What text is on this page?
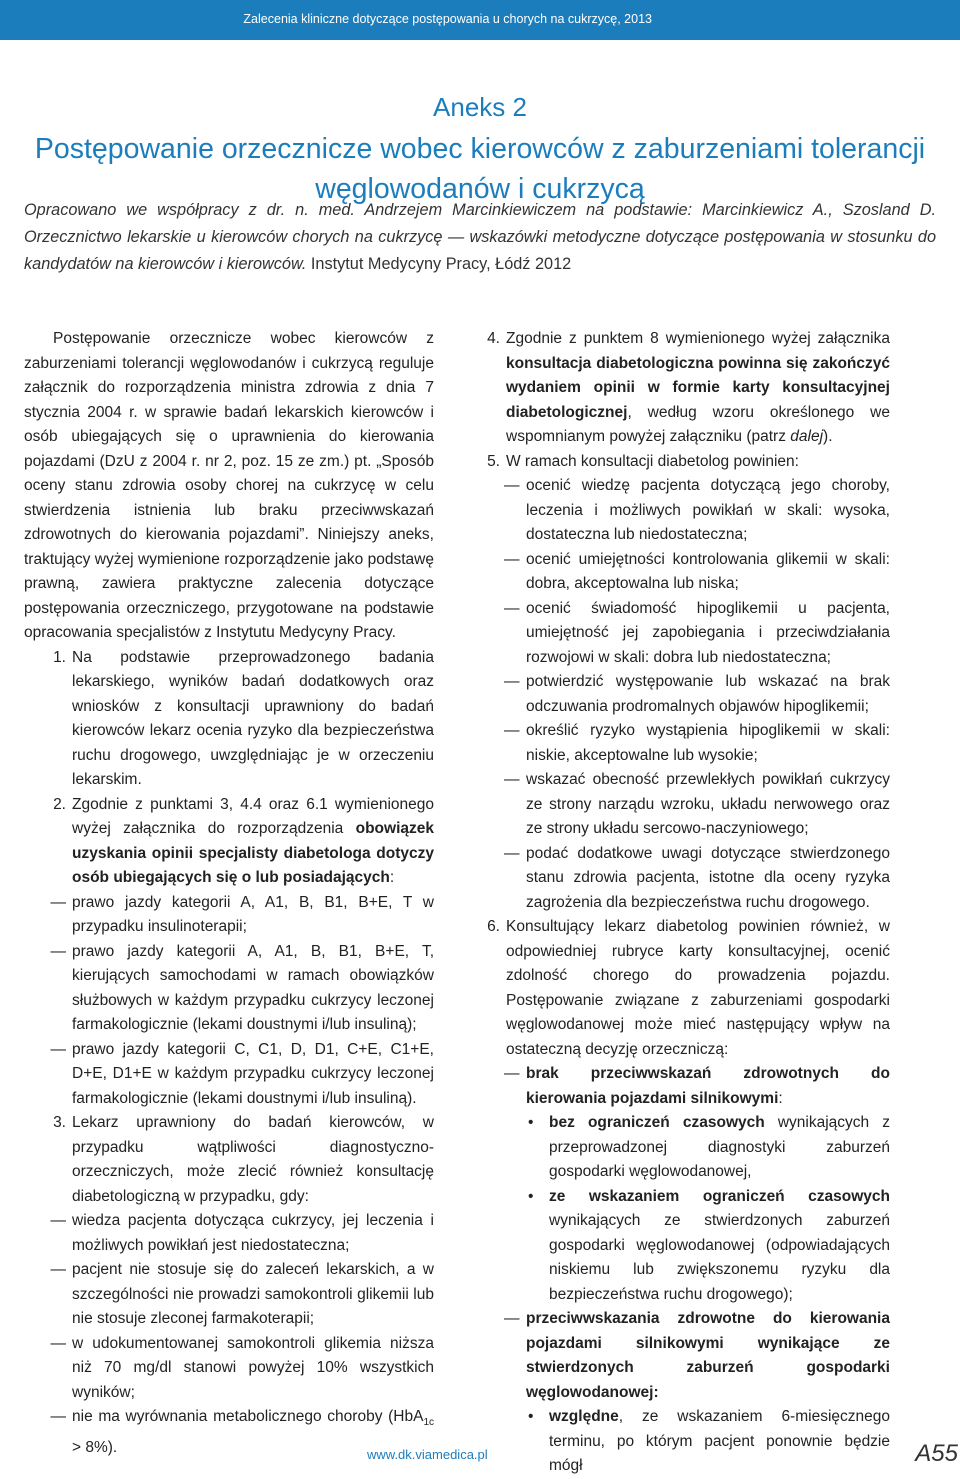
Zalecenia kliniczne dotyczące postępowania u chorych na cukrzycę, 2013
Aneks 2
Postępowanie orzecznicze wobec kierowców z zaburzeniami tolerancji węglowodanów i cukrzycą
Opracowano we współpracy z dr. n. med. Andrzejem Marcinkiewiczem na podstawie: Marcinkiewicz A., Szosland D. Orzecznictwo lekarskie u kierowców chorych na cukrzycę — wskazówki metodyczne dotyczące postępowania w stosunku do kandydatów na kierowców i kierowców. Instytut Medycyny Pracy, Łódź 2012

Postępowanie orzecznicze wobec kierowców z zaburzeniami tolerancji węglowodanów i cukrzycą reguluje załącznik do rozporządzenia ministra zdrowia z dnia 7 stycznia 2004 r. w sprawie badań lekarskich kierowców i osób ubiegających się o uprawnienia do kierowania pojazdami (DzU z 2004 r. nr 2, poz. 15 ze zm.) pt. „Sposób oceny stanu zdrowia osoby chorej na cukrzycę w celu stwierdzenia istnienia lub braku przeciwwskazań zdrowotnych do kierowania pojazdami”. Niniejszy aneks, traktujący wyżej wymienione rozporządzenie jako podstawę prawną, zawiera praktyczne zalecenia dotyczące postępowania orzeczniczego, przygotowane na podstawie opracowania specjalistów z Instytutu Medycyny Pracy.

1. Na podstawie przeprowadzonego badania lekarskiego, wyników badań dodatkowych oraz wniosków z konsultacji uprawniony do badań kierowców lekarz ocenia ryzyko dla bezpieczeństwa ruchu drogowego, uwzględniając je w orzeczeniu lekarskim.

2. Zgodnie z punktami 3, 4.4 oraz 6.1 wymienionego wyżej załącznika do rozporządzenia obowiązek uzyskania opinii specjalisty diabetologa dotyczy osób ubiegających się o lub posiadających:

— prawo jazdy kategorii A, A1, B, B1, B+E, T w przypadku insulinoterapii;

— prawo jazdy kategorii A, A1, B, B1, B+E, T, kierujących samochodami w ramach obowiązków służbowych w każdym przypadku cukrzycy leczonej farmakologicznie (lekami doustnymi i/lub insuliną);

— prawo jazdy kategorii C, C1, D, D1, C+E, C1+E, D+E, D1+E w każdym przypadku cukrzycy leczonej farmakologicznie (lekami doustnymi i/lub insuliną).

3. Lekarz uprawniony do badań kierowców, w przypadku wątpliwości diagnostyczno-orzeczniczych, może zlecić również konsultację diabetologiczną w przypadku, gdy:

— wiedza pacjenta dotycząca cukrzycy, jej leczenia i możliwych powikłań jest niedostateczna;

— pacjent nie stosuje się do zaleceń lekarskich, a w szczególności nie prowadzi samokontroli glikemii lub nie stosuje zleconej farmakoterapii;

— w udokumentowanej samokontroli glikemia niższa niż 70 mg/dl stanowi powyżej 10% wszystkich wyników;

— nie ma wyrównania metabolicznego choroby (HbA$_{1c}$ > 8%).

4. Zgodnie z punktem 8 wymienionego wyżej załącznika konsultacja diabetologiczna powinna się zakończyć wydaniem opinii w formie karty konsultacyjnej diabetologicznej, według wzoru określonego we wspomnianym powyżej załączniku (patrz dalej).

5. W ramach konsultacji diabetolog powinien:

— ocenić wiedzę pacjenta dotyczącą jego choroby, leczenia i możliwych powikłań w skali: wysoka, dostateczna lub niedostateczna;

— ocenić umiejętności kontrolowania glikemii w skali: dobra, akceptowalna lub niska;

— ocenić świadomość hipoglikemii u pacjenta, umiejętność jej zapobiegania i przeciwdziałania rozwojowi w skali: dobra lub niedostateczna;

— potwierdzić występowanie lub wskazać na brak odczuwania prodromalnych objawów hipoglikemii;

— określić ryzyko wystąpienia hipoglikemii w skali: niskie, akceptowalne lub wysokie;

— wskazać obecność przewlekłych powikłań cukrzycy ze strony narządu wzroku, układu nerwowego oraz ze strony układu sercowo-naczyniowego;

— podać dodatkowe uwagi dotyczące stwierdzonego stanu zdrowia pacjenta, istotne dla oceny ryzyka zagrożenia dla bezpieczeństwa ruchu drogowego.

6. Konsultujący lekarz diabetolog powinien również, w odpowiedniej rubryce karty konsultacyjnej, ocenić zdolność chorego do prowadzenia pojazdu. Postępowanie związane z zaburzeniami gospodarki węglowodanowej może mieć następujący wpływ na ostateczną decyzję orzeczniczą:

— brak przeciwwskazań zdrowotnych do kierowania pojazdami silnikowymi:

• bez ograniczeń czasowych wynikających z przeprowadzonej diagnostyki zaburzeń gospodarki węglowodanowej,

• ze wskazaniem ograniczeń czasowych wynikających ze stwierdzonych zaburzeń gospodarki węglowodanowej (odpowiadających niskiemu lub zwiększonemu ryzyku dla bezpieczeństwa ruchu drogowego);

— przeciwwskazania zdrowotne do kierowania pojazdami silnikowymi wynikające ze stwierdzonych zaburzeń gospodarki węglowodanowej:

• względne, ze wskazaniem 6-miesięcznego terminu, po którym pacjent ponownie będzie mógł

www.dk.viamedica.pl	A55
